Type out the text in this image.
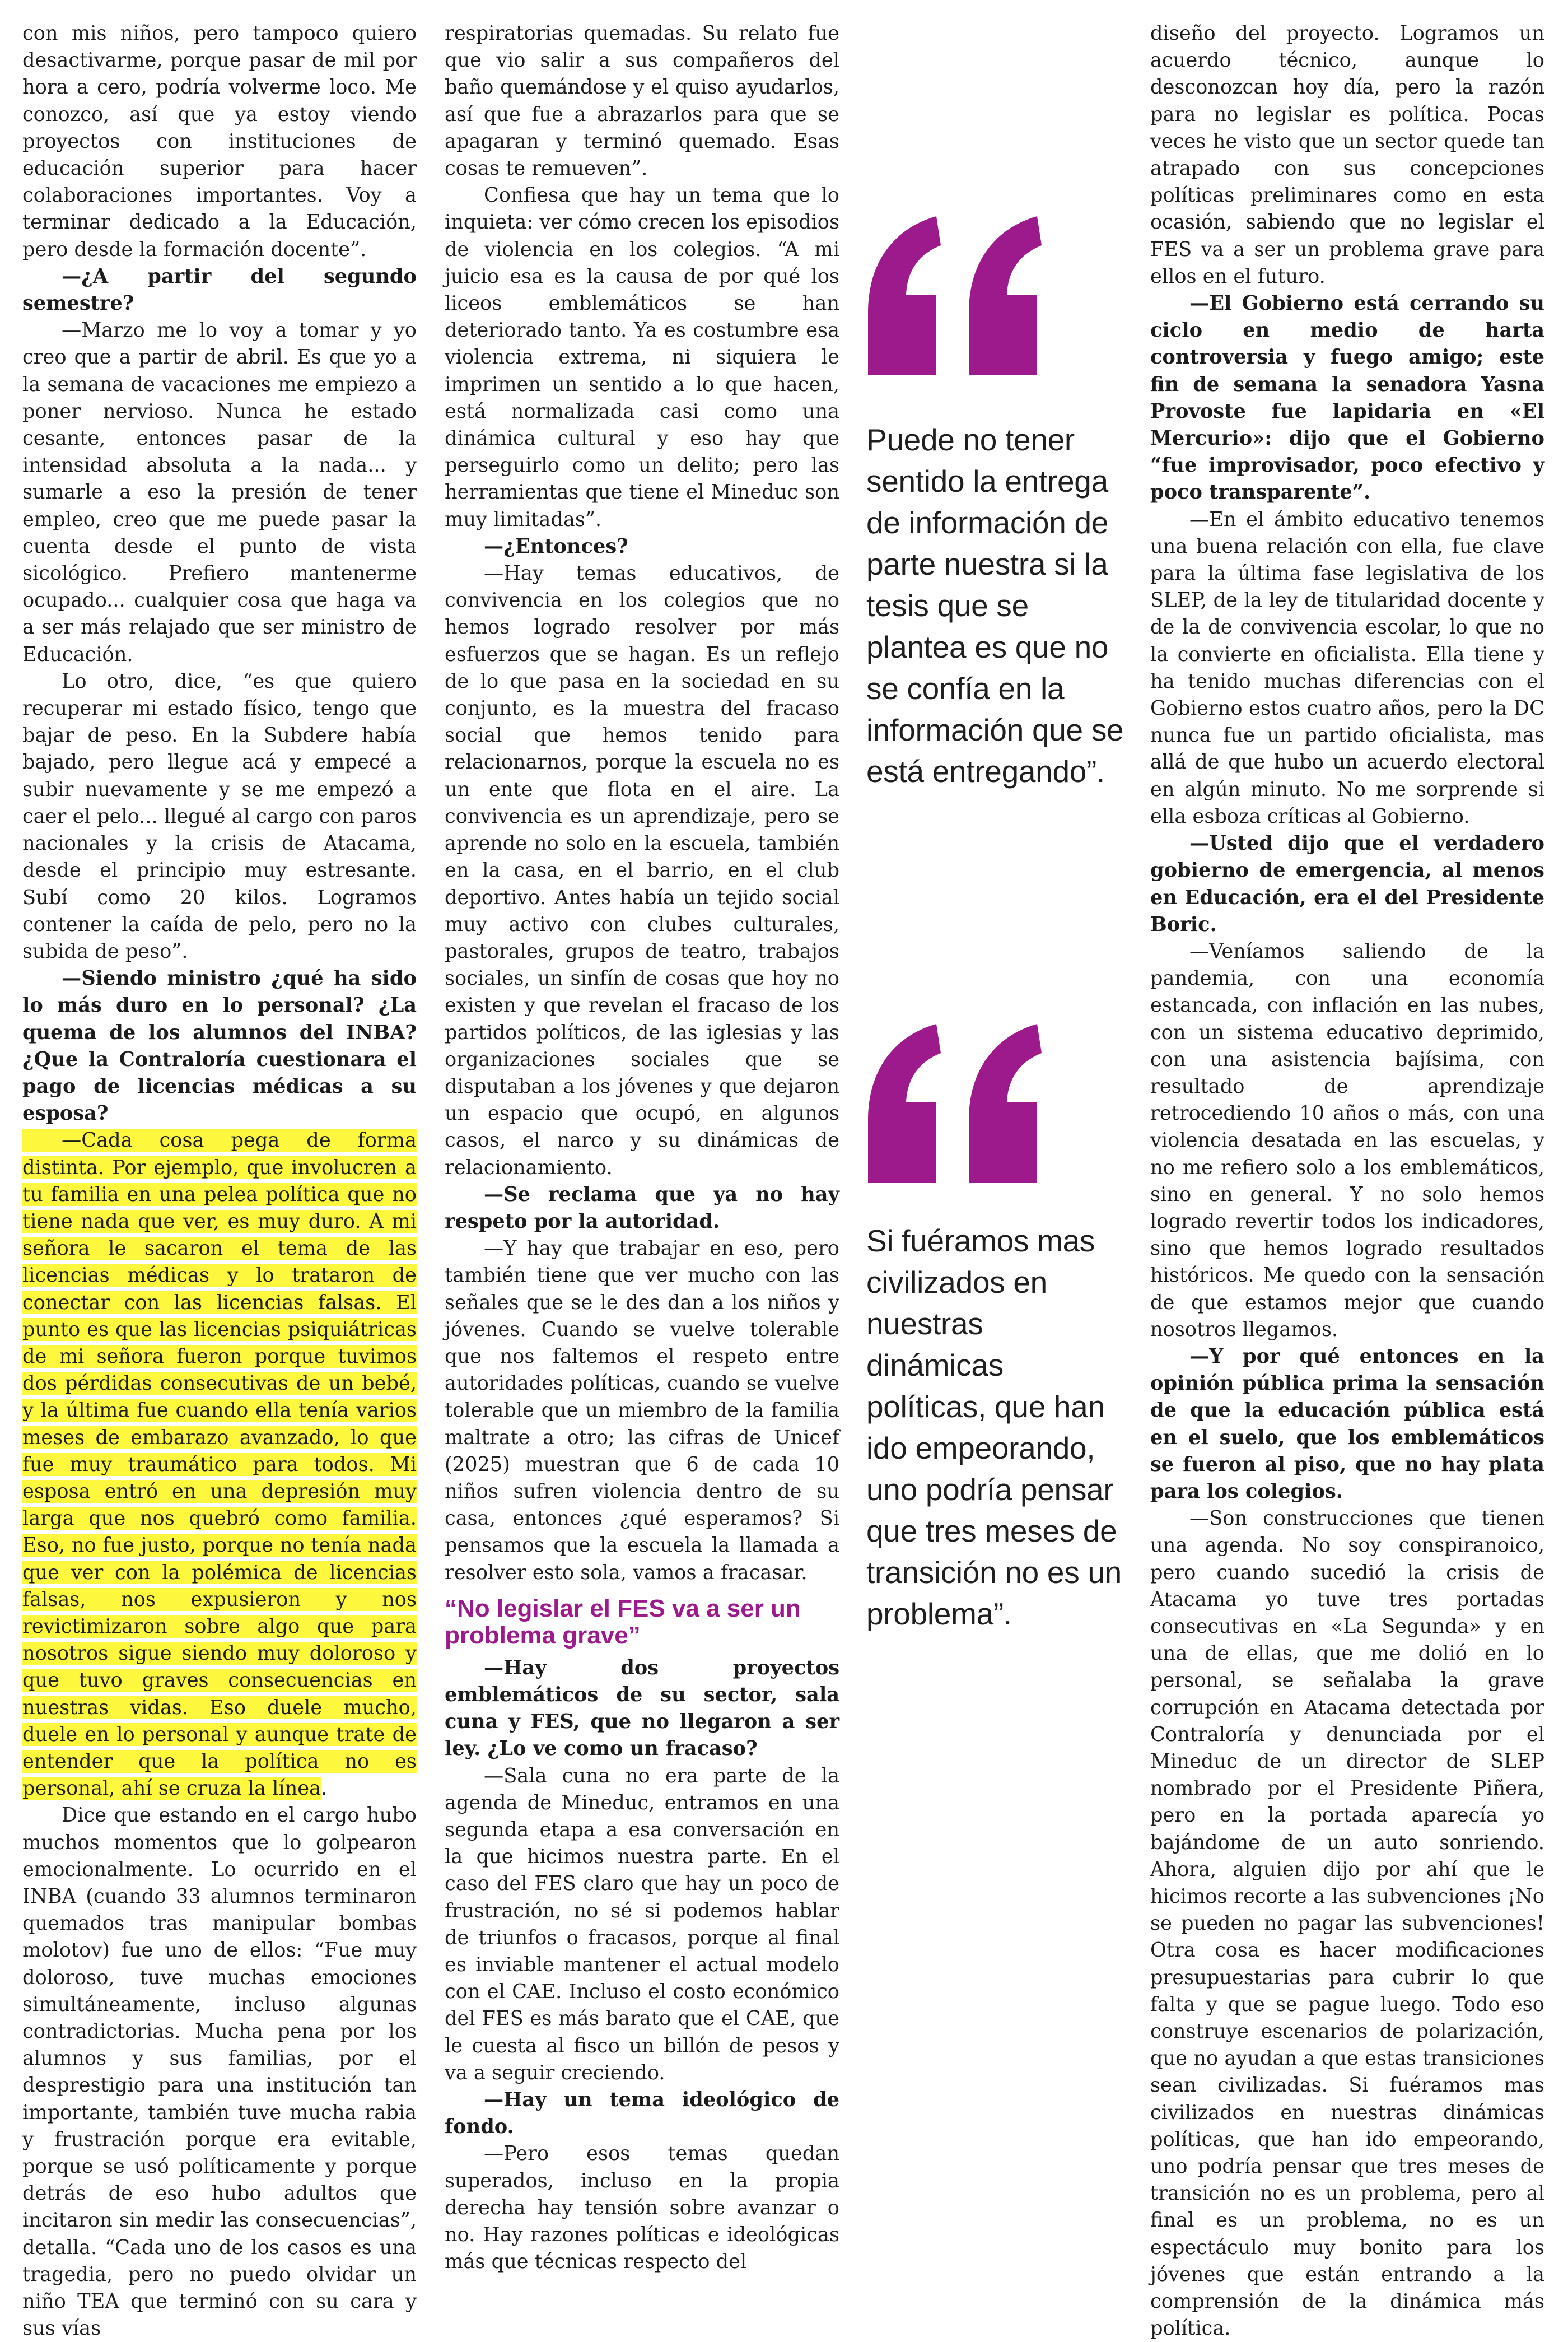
con mis niños, pero tampoco quiero desactivarme, porque pasar de mil por hora a cero, podría volverme loco. Me conozco, así que ya estoy viendo proyectos con instituciones de educación superior para hacer colaboraciones importantes. Voy a terminar dedicado a la Educación, pero desde la formación docente”.

—¿A partir del segundo semestre?

—Marzo me lo voy a tomar y yo creo que a partir de abril. Es que yo a la semana de vacaciones me empiezo a poner nervioso. Nunca he estado cesante, entonces pasar de la intensidad absoluta a la nada... y sumarle a eso la presión de tener empleo, creo que me puede pasar la cuenta desde el punto de vista sicológico. Prefiero mantenerme ocupado... cualquier cosa que haga va a ser más relajado que ser ministro de Educación.

Lo otro, dice, “es que quiero recuperar mi estado físico, tengo que bajar de peso. En la Subdere había bajado, pero llegue acá y empecé a subir nuevamente y se me empezó a caer el pelo... llegué al cargo con paros nacionales y la crisis de Atacama, desde el principio muy estresante. Subí como 20 kilos. Logramos contener la caída de pelo, pero no la subida de peso”.

—Siendo ministro ¿qué ha sido lo más duro en lo personal? ¿La quema de los alumnos del INBA? ¿Que la Contraloría cuestionara el pago de licencias médicas a su esposa?

—Cada cosa pega de forma distinta. Por ejemplo, que involucren a tu familia en una pelea política que no tiene nada que ver, es muy duro. A mi señora le sacaron el tema de las licencias médicas y lo trataron de conectar con las licencias falsas. El punto es que las licencias psiquiátricas de mi señora fueron porque tuvimos dos pérdidas consecutivas de un bebé, y la última fue cuando ella tenía varios meses de embarazo avanzado, lo que fue muy traumático para todos. Mi esposa entró en una depresión muy larga que nos quebró como familia. Eso, no fue justo, porque no tenía nada que ver con la polémica de licencias falsas, nos expusieron y nos revictimizaron sobre algo que para nosotros sigue siendo muy doloroso y que tuvo graves consecuencias en nuestras vidas. Eso duele mucho, duele en lo personal y aunque trate de entender que la política no es personal, ahí se cruza la línea.

Dice que estando en el cargo hubo muchos momentos que lo golpearon emocionalmente. Lo ocurrido en el INBA (cuando 33 alumnos terminaron quemados tras manipular bombas molotov) fue uno de ellos: “Fue muy doloroso, tuve muchas emociones simultáneamente, incluso algunas contradictorias. Mucha pena por los alumnos y sus familias, por el desprestigio para una institución tan importante, también tuve mucha rabia y frustración porque era evitable, porque se usó políticamente y porque detrás de eso hubo adultos que incitaron sin medir las consecuencias”, detalla. “Cada uno de los casos es una tragedia, pero no puedo olvidar un niño TEA que terminó con su cara y sus vías

respiratorias quemadas. Su relato fue que vio salir a sus compañeros del baño quemándose y el quiso ayudarlos, así que fue a abrazarlos para que se apagaran y terminó quemado. Esas cosas te remueven”.

Confiesa que hay un tema que lo inquieta: ver cómo crecen los episodios de violencia en los colegios. “A mi juicio esa es la causa de por qué los liceos emblemáticos se han deteriorado tanto. Ya es costumbre esa violencia extrema, ni siquiera le imprimen un sentido a lo que hacen, está normalizada casi como una dinámica cultural y eso hay que perseguirlo como un delito; pero las herramientas que tiene el Mineduc son muy limitadas”.

—¿Entonces?

—Hay temas educativos, de convivencia en los colegios que no hemos logrado resolver por más esfuerzos que se hagan. Es un reflejo de lo que pasa en la sociedad en su conjunto, es la muestra del fracaso social que hemos tenido para relacionarnos, porque la escuela no es un ente que flota en el aire. La convivencia es un aprendizaje, pero se aprende no solo en la escuela, también en la casa, en el barrio, en el club deportivo. Antes había un tejido social muy activo con clubes culturales, pastorales, grupos de teatro, trabajos sociales, un sinfín de cosas que hoy no existen y que revelan el fracaso de los partidos políticos, de las iglesias y las organizaciones sociales que se disputaban a los jóvenes y que dejaron un espacio que ocupó, en algunos casos, el narco y su dinámicas de relacionamiento.

—Se reclama que ya no hay respeto por la autoridad.

—Y hay que trabajar en eso, pero también tiene que ver mucho con las señales que se le des dan a los niños y jóvenes. Cuando se vuelve tolerable que nos faltemos el respeto entre autoridades políticas, cuando se vuelve tolerable que un miembro de la familia maltrate a otro; las cifras de Unicef (2025) muestran que 6 de cada 10 niños sufren violencia dentro de su casa, entonces ¿qué esperamos? Si pensamos que la escuela la llamada a resolver esto sola, vamos a fracasar.

“No legislar el FES va a ser un problema grave”

—Hay dos proyectos emblemáticos de su sector, sala cuna y FES, que no llegaron a ser ley. ¿Lo ve como un fracaso?

—Sala cuna no era parte de la agenda de Mineduc, entramos en una segunda etapa a esa conversación en la que hicimos nuestra parte. En el caso del FES claro que hay un poco de frustración, no sé si podemos hablar de triunfos o fracasos, porque al final es inviable mantener el actual modelo con el CAE. Incluso el costo económico del FES es más barato que el CAE, que le cuesta al fisco un billón de pesos y va a seguir creciendo.

—Hay un tema ideológico de fondo.

—Pero esos temas quedan superados, incluso en la propia derecha hay tensión sobre avanzar o no. Hay razones políticas e ideológicas más que técnicas respecto del

Puede no tener sentido la entrega de información de parte nuestra si la tesis que se plantea es que no se confía en la información que se está entregando”.
Si fuéramos mas civilizados en nuestras dinámicas políticas, que han ido empeorando, uno podría pensar que tres meses de transición no es un problema”.

diseño del proyecto. Logramos un acuerdo técnico, aunque lo desconozcan hoy día, pero la razón para no legislar es política. Pocas veces he visto que un sector quede tan atrapado con sus concepciones políticas preliminares como en esta ocasión, sabiendo que no legislar el FES va a ser un problema grave para ellos en el futuro.

—El Gobierno está cerrando su ciclo en medio de harta controversia y fuego amigo; este fin de semana la senadora Yasna Provoste fue lapidaria en «El Mercurio»: dijo que el Gobierno “fue improvisador, poco efectivo y poco transparente”.

—En el ámbito educativo tenemos una buena relación con ella, fue clave para la última fase legislativa de los SLEP, de la ley de titularidad docente y de la de convivencia escolar, lo que no la convierte en oficialista. Ella tiene y ha tenido muchas diferencias con el Gobierno estos cuatro años, pero la DC nunca fue un partido oficialista, mas allá de que hubo un acuerdo electoral en algún minuto. No me sorprende si ella esboza críticas al Gobierno.

—Usted dijo que el verdadero gobierno de emergencia, al menos en Educación, era el del Presidente Boric.

—Veníamos saliendo de la pandemia, con una economía estancada, con inflación en las nubes, con un sistema educativo deprimido, con una asistencia bajísima, con resultado de aprendizaje retrocediendo 10 años o más, con una violencia desatada en las escuelas, y no me refiero solo a los emblemáticos, sino en general. Y no solo hemos logrado revertir todos los indicadores, sino que hemos logrado resultados históricos. Me quedo con la sensación de que estamos mejor que cuando nosotros llegamos.

—Y por qué entonces en la opinión pública prima la sensación de que la educación pública está en el suelo, que los emblemáticos se fueron al piso, que no hay plata para los colegios.

—Son construcciones que tienen una agenda. No soy conspiranoico, pero cuando sucedió la crisis de Atacama yo tuve tres portadas consecutivas en «La Segunda» y en una de ellas, que me dolió en lo personal, se señalaba la grave corrupción en Atacama detectada por Contraloría y denunciada por el Mineduc de un director de SLEP nombrado por el Presidente Piñera, pero en la portada aparecía yo bajándome de un auto sonriendo. Ahora, alguien dijo por ahí que le hicimos recorte a las subvenciones ¡No se pueden no pagar las subvenciones! Otra cosa es hacer modificaciones presupuestarias para cubrir lo que falta y que se pague luego. Todo eso construye escenarios de polarización, que no ayudan a que estas transiciones sean civilizadas. Si fuéramos mas civilizados en nuestras dinámicas políticas, que han ido empeorando, uno podría pensar que tres meses de transición no es un problema, pero al final es un problema, no es un espectáculo muy bonito para los jóvenes que están entrando a la comprensión de la dinámica más política.
